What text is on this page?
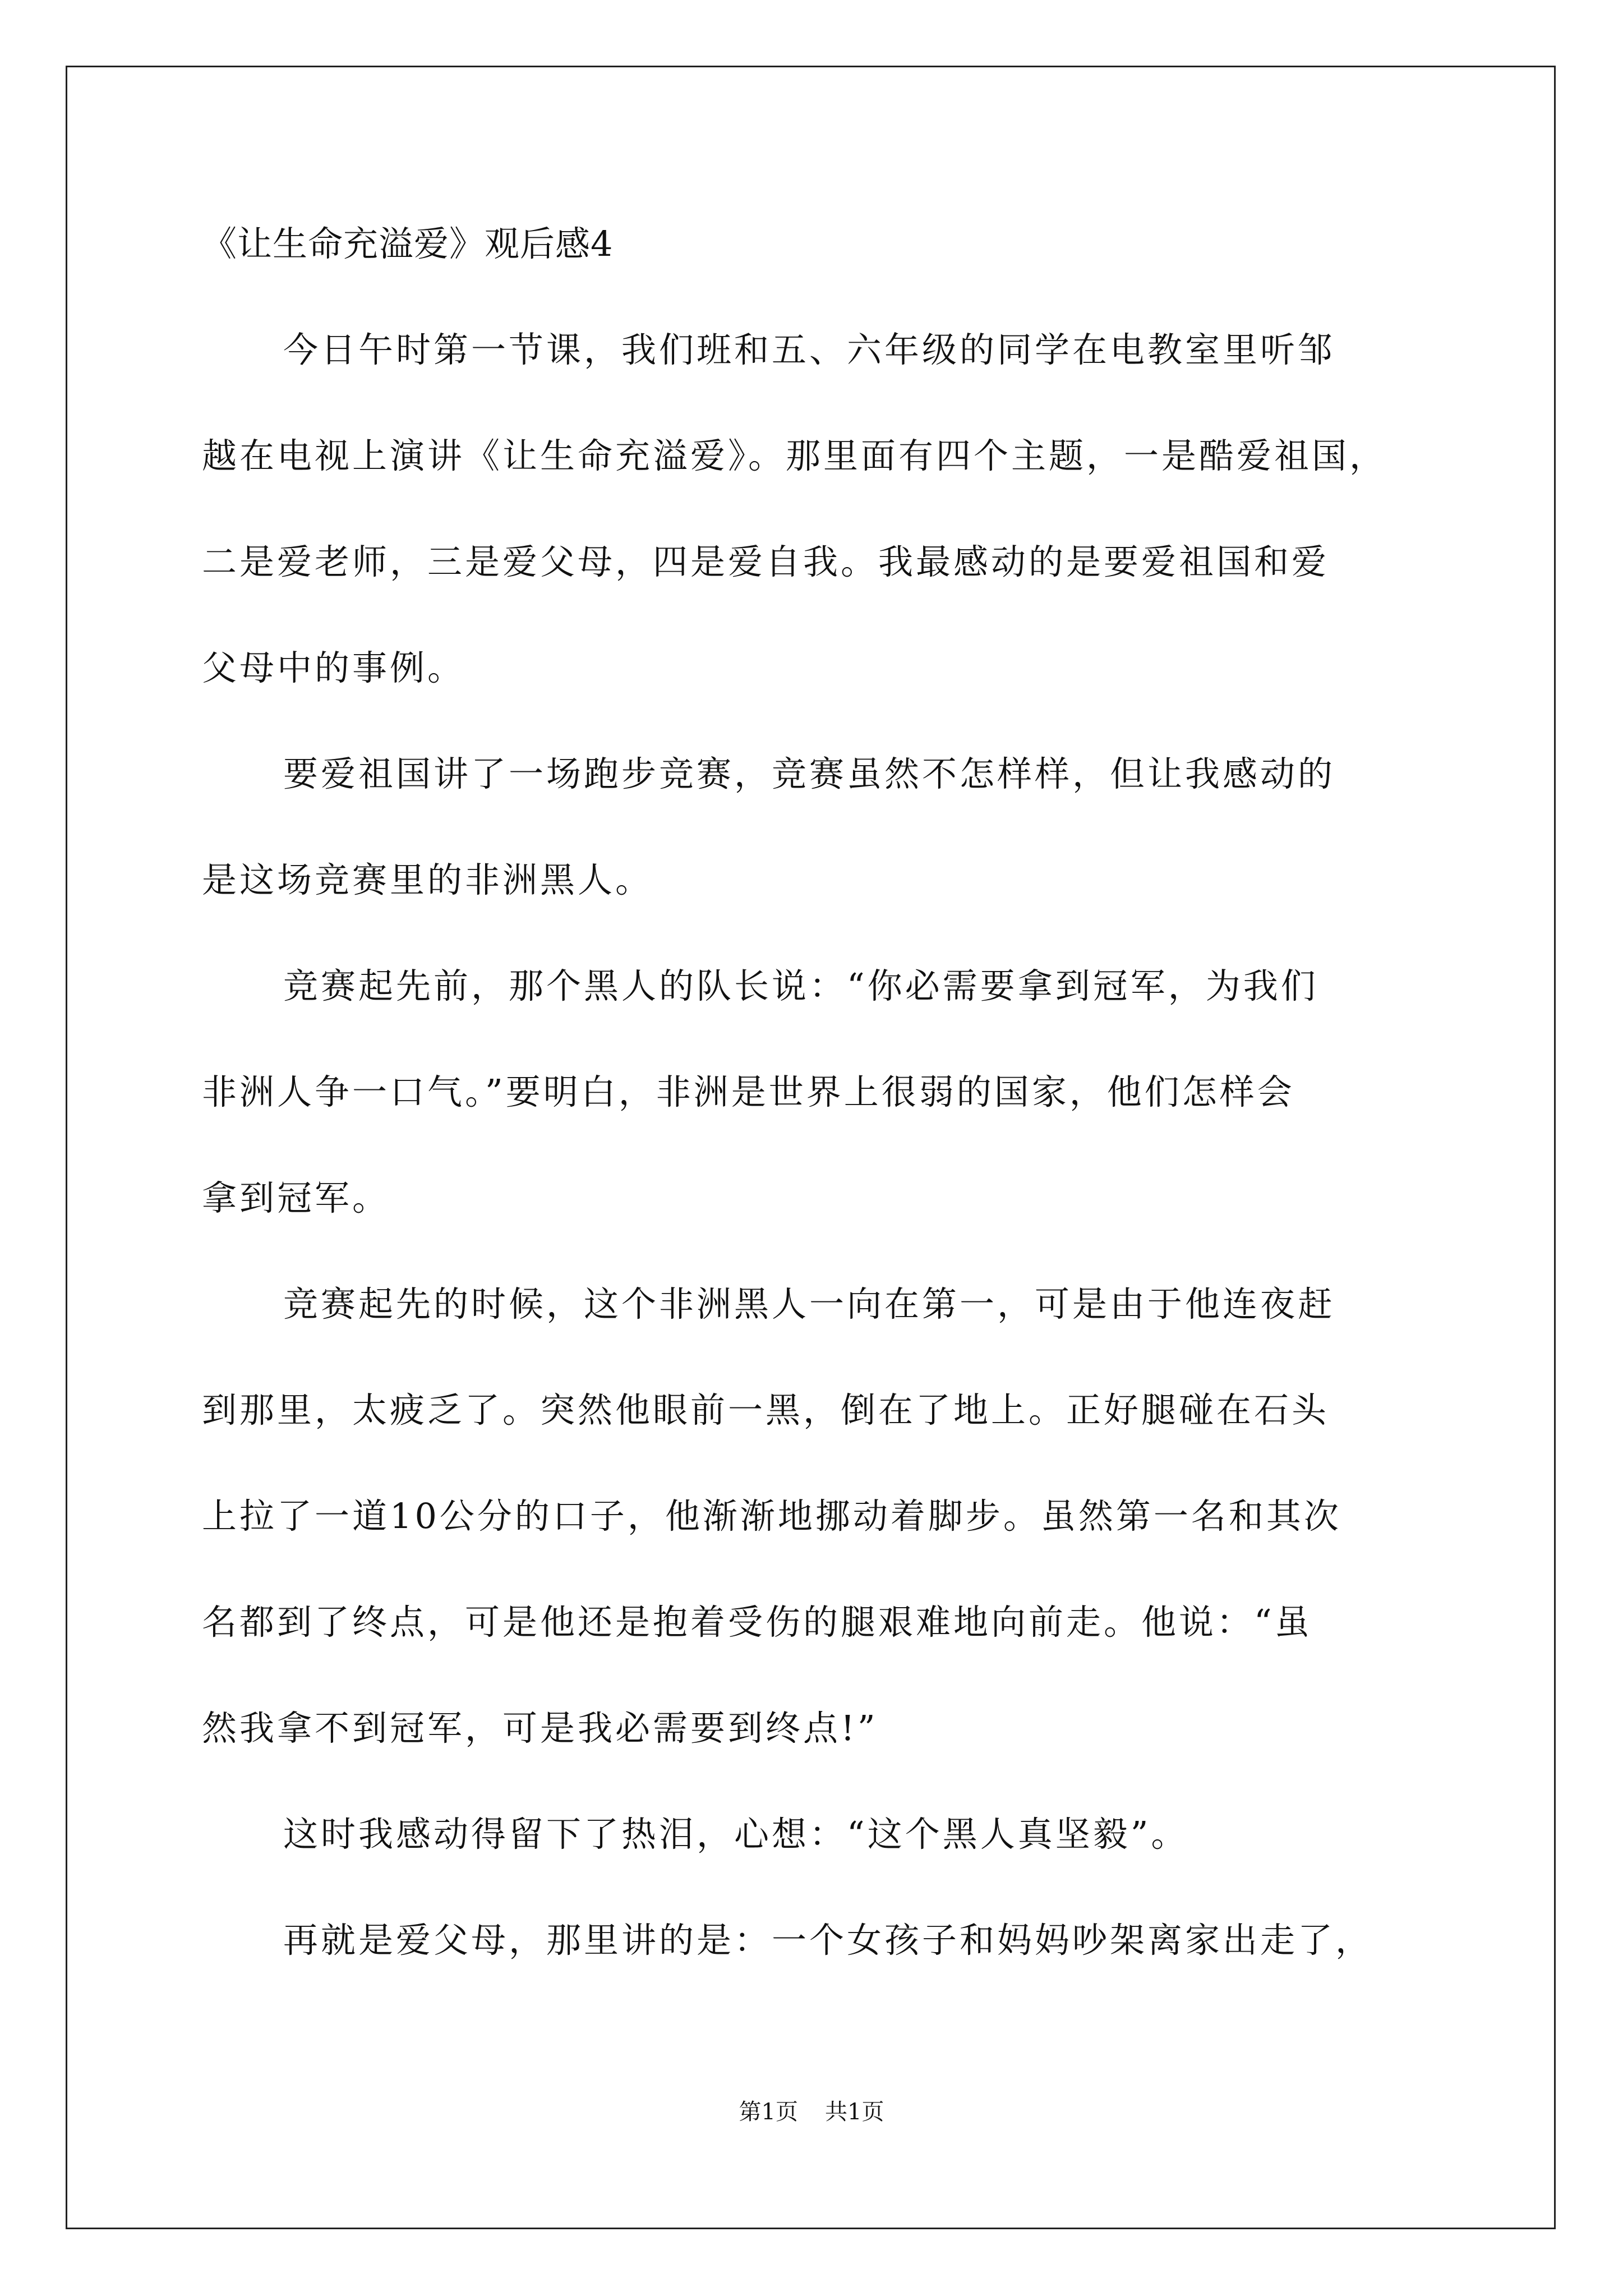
《让生命充溢爱》观后感4
今日午时第一节课，我们班和五、六年级的同学在电教室里听邹
越在电视上演讲《让生命充溢爱》。那里面有四个主题，一是酷爱祖国，
二是爱老师，三是爱父母，四是爱自我。我最感动的是要爱祖国和爱
父母中的事例。
要爱祖国讲了一场跑步竞赛，竞赛虽然不怎样样，但让我感动的
是这场竞赛里的非洲黑人。
竞赛起先前，那个黑人的队长说：“你必需要拿到冠军，为我们
非洲人争一口气。”要明白，非洲是世界上很弱的国家，他们怎样会
拿到冠军。
竞赛起先的时候，这个非洲黑人一向在第一，可是由于他连夜赶
到那里，太疲乏了。突然他眼前一黑，倒在了地上。正好腿碰在石头
上拉了一道10公分的口子，他渐渐地挪动着脚步。虽然第一名和其次
名都到了终点，可是他还是抱着受伤的腿艰难地向前走。他说：“虽
然我拿不到冠军，可是我必需要到终点!”
这时我感动得留下了热泪，心想：“这个黑人真坚毅”。
再就是爱父母，那里讲的是：一个女孩子和妈妈吵架离家出走了，
第1页 共1页
